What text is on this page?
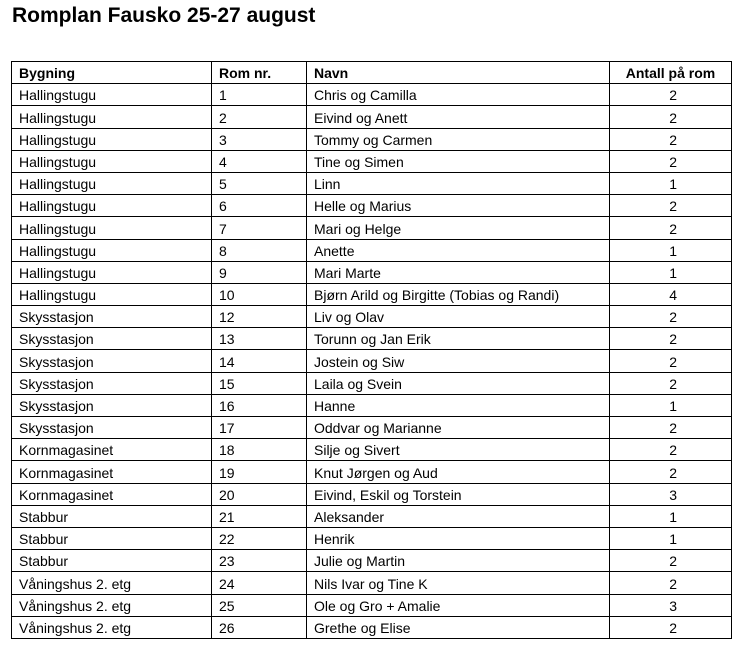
Romplan Fausko 25-27 august
Bygning	Rom nr.	Navn	Antall på rom
Hallingstugu	1	Chris og Camilla	2
Hallingstugu	2	Eivind og Anett	2
Hallingstugu	3	Tommy og Carmen	2
Hallingstugu	4	Tine og Simen	2
Hallingstugu	5	Linn	1
Hallingstugu	6	Helle og Marius	2
Hallingstugu	7	Mari og Helge	2
Hallingstugu	8	Anette	1
Hallingstugu	9	Mari Marte	1
Hallingstugu	10	Bjørn Arild og Birgitte (Tobias og Randi)	4
Skysstasjon	12	Liv og Olav	2
Skysstasjon	13	Torunn og Jan Erik	2
Skysstasjon	14	Jostein og Siw	2
Skysstasjon	15	Laila og Svein	2
Skysstasjon	16	Hanne	1
Skysstasjon	17	Oddvar og Marianne	2
Kornmagasinet	18	Silje og Sivert	2
Kornmagasinet	19	Knut Jørgen og Aud	2
Kornmagasinet	20	Eivind, Eskil og Torstein	3
Stabbur	21	Aleksander	1
Stabbur	22	Henrik	1
Stabbur	23	Julie og Martin	2
Våningshus 2. etg	24	Nils Ivar og Tine K	2
Våningshus 2. etg	25	Ole og Gro + Amalie	3
Våningshus 2. etg	26	Grethe og Elise	2
